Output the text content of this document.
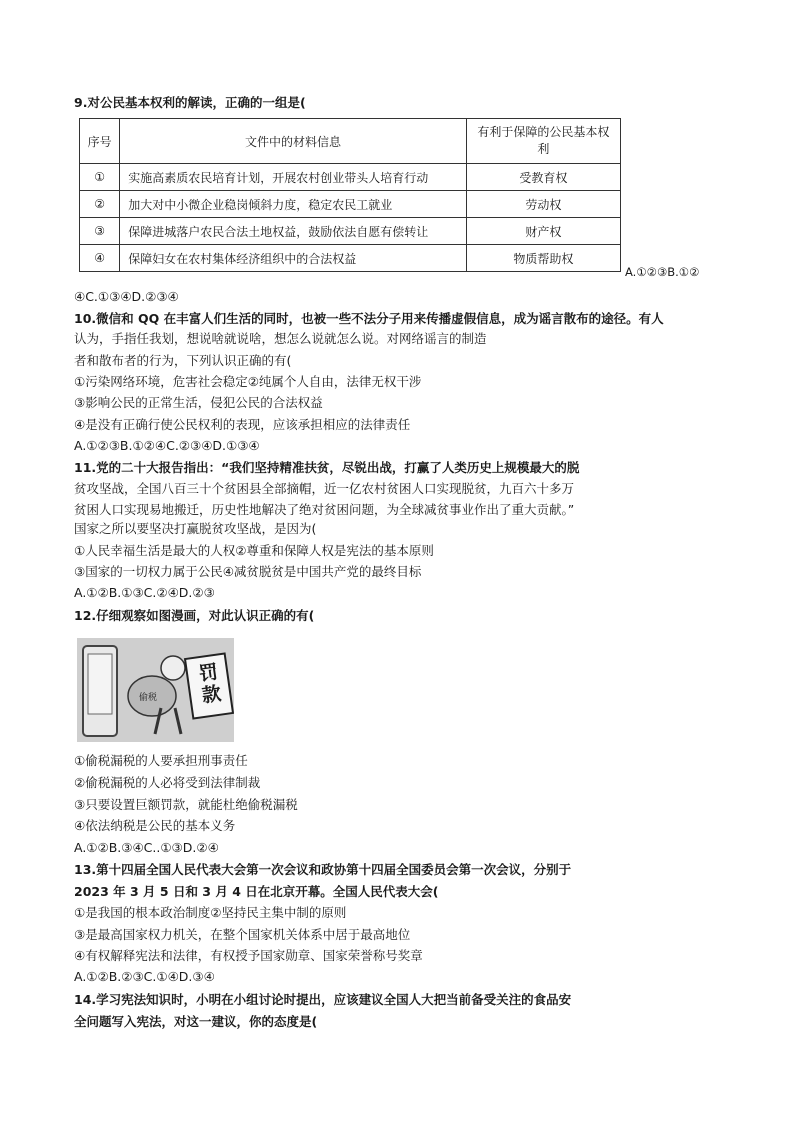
9.对公民基本权利的解读，正确的一组是(
序号	文件中的材料信息	有利于保障的公民基本权利
①	实施高素质农民培育计划，开展农村创业带头人培育行动	受教育权
②	加大对中小微企业稳岗倾斜力度，稳定农民工就业	劳动权
③	保障进城落户农民合法土地权益，鼓励依法自愿有偿转让	财产权
④	保障妇女在农村集体经济组织中的合法权益	物质帮助权
A.①②③B.①②
④C.①③④D.②③④
10.微信和 QQ 在丰富人们生活的同时，也被一些不法分子用来传播虚假信息，成为谣言散布的途径。有人
认为，手指任我划，想说啥就说啥，想怎么说就怎么说。对网络谣言的制造
者和散布者的行为，下列认识正确的有(
①污染网络环境，危害社会稳定②纯属个人自由，法律无权干涉
③影响公民的正常生活，侵犯公民的合法权益
④是没有正确行使公民权利的表现，应该承担相应的法律责任
A.①②③B.①②④C.②③④D.①③④
11.党的二十大报告指出：“我们坚持精准扶贫，尽锐出战，打赢了人类历史上规模最大的脱
贫攻坚战，全国八百三十个贫困县全部摘帽，近一亿农村贫困人口实现脱贫，九百六十多万
贫困人口实现易地搬迁，历史性地解决了绝对贫困问题，为全球减贫事业作出了重大贡献。”
国家之所以要坚决打赢脱贫攻坚战，是因为(
①人民幸福生活是最大的人权②尊重和保障人权是宪法的基本原则
③国家的一切权力属于公民④减贫脱贫是中国共产党的最终目标
A.①②B.①③C.②④D.②③
12.仔细观察如图漫画，对此认识正确的有(
罚款
偷税
①偷税漏税的人要承担刑事责任
②偷税漏税的人必将受到法律制裁
③只要设置巨额罚款，就能杜绝偷税漏税
④依法纳税是公民的基本义务
A.①②B.③④C..①③D.②④
13.第十四届全国人民代表大会第一次会议和政协第十四届全国委员会第一次会议，分别于
2023 年 3 月 5 日和 3 月 4 日在北京开幕。全国人民代表大会(
①是我国的根本政治制度②坚持民主集中制的原则
③是最高国家权力机关，在整个国家机关体系中居于最高地位
④有权解释宪法和法律，有权授予国家勋章、国家荣誉称号奖章
A.①②B.②③C.①④D.③④
14.学习宪法知识时，小明在小组讨论时提出，应该建议全国人大把当前备受关注的食品安
全问题写入宪法，对这一建议，你的态度是(
